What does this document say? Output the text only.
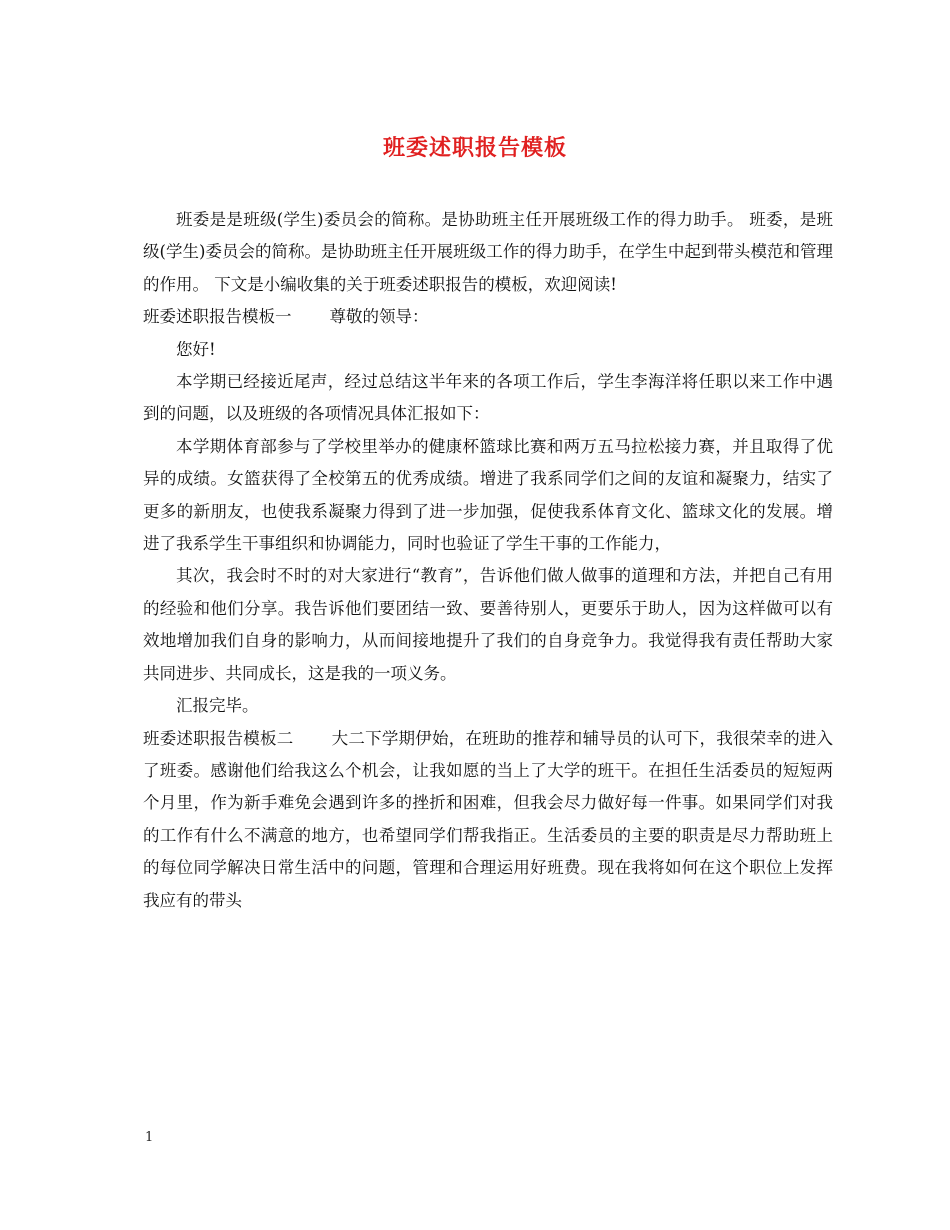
班委述职报告模板

班委是是班级(学生)委员会的简称。是协助班主任开展班级工作的得力助手。 班委，是班级(学生)委员会的简称。是协助班主任开展班级工作的得力助手，在学生中起到带头模范和管理的作用。 下文是小编收集的关于班委述职报告的模板，欢迎阅读!

班委述职报告模板一 尊敬的领导：

您好!

本学期已经接近尾声，经过总结这半年来的各项工作后，学生李海洋将任职以来工作中遇到的问题，以及班级的各项情况具体汇报如下：

本学期体育部参与了学校里举办的健康杯篮球比赛和两万五马拉松接力赛，并且取得了优异的成绩。女篮获得了全校第五的优秀成绩。增进了我系同学们之间的友谊和凝聚力，结实了更多的新朋友，也使我系凝聚力得到了进一步加强，促使我系体育文化、篮球文化的发展。增进了我系学生干事组织和协调能力，同时也验证了学生干事的工作能力，

其次，我会时不时的对大家进行“教育”，告诉他们做人做事的道理和方法，并把自己有用的经验和他们分享。我告诉他们要团结一致、要善待别人，更要乐于助人，因为这样做可以有效地增加我们自身的影响力，从而间接地提升了我们的自身竞争力。我觉得我有责任帮助大家共同进步、共同成长，这是我的一项义务。

汇报完毕。

班委述职报告模板二 大二下学期伊始，在班助的推荐和辅导员的认可下，我很荣幸的进入了班委。感谢他们给我这么个机会，让我如愿的当上了大学的班干。在担任生活委员的短短两个月里，作为新手难免会遇到许多的挫折和困难，但我会尽力做好每一件事。如果同学们对我的工作有什么不满意的地方，也希望同学们帮我指正。生活委员的主要的职责是尽力帮助班上的每位同学解决日常生活中的问题，管理和合理运用好班费。现在我将如何在这个职位上发挥我应有的带头

1
